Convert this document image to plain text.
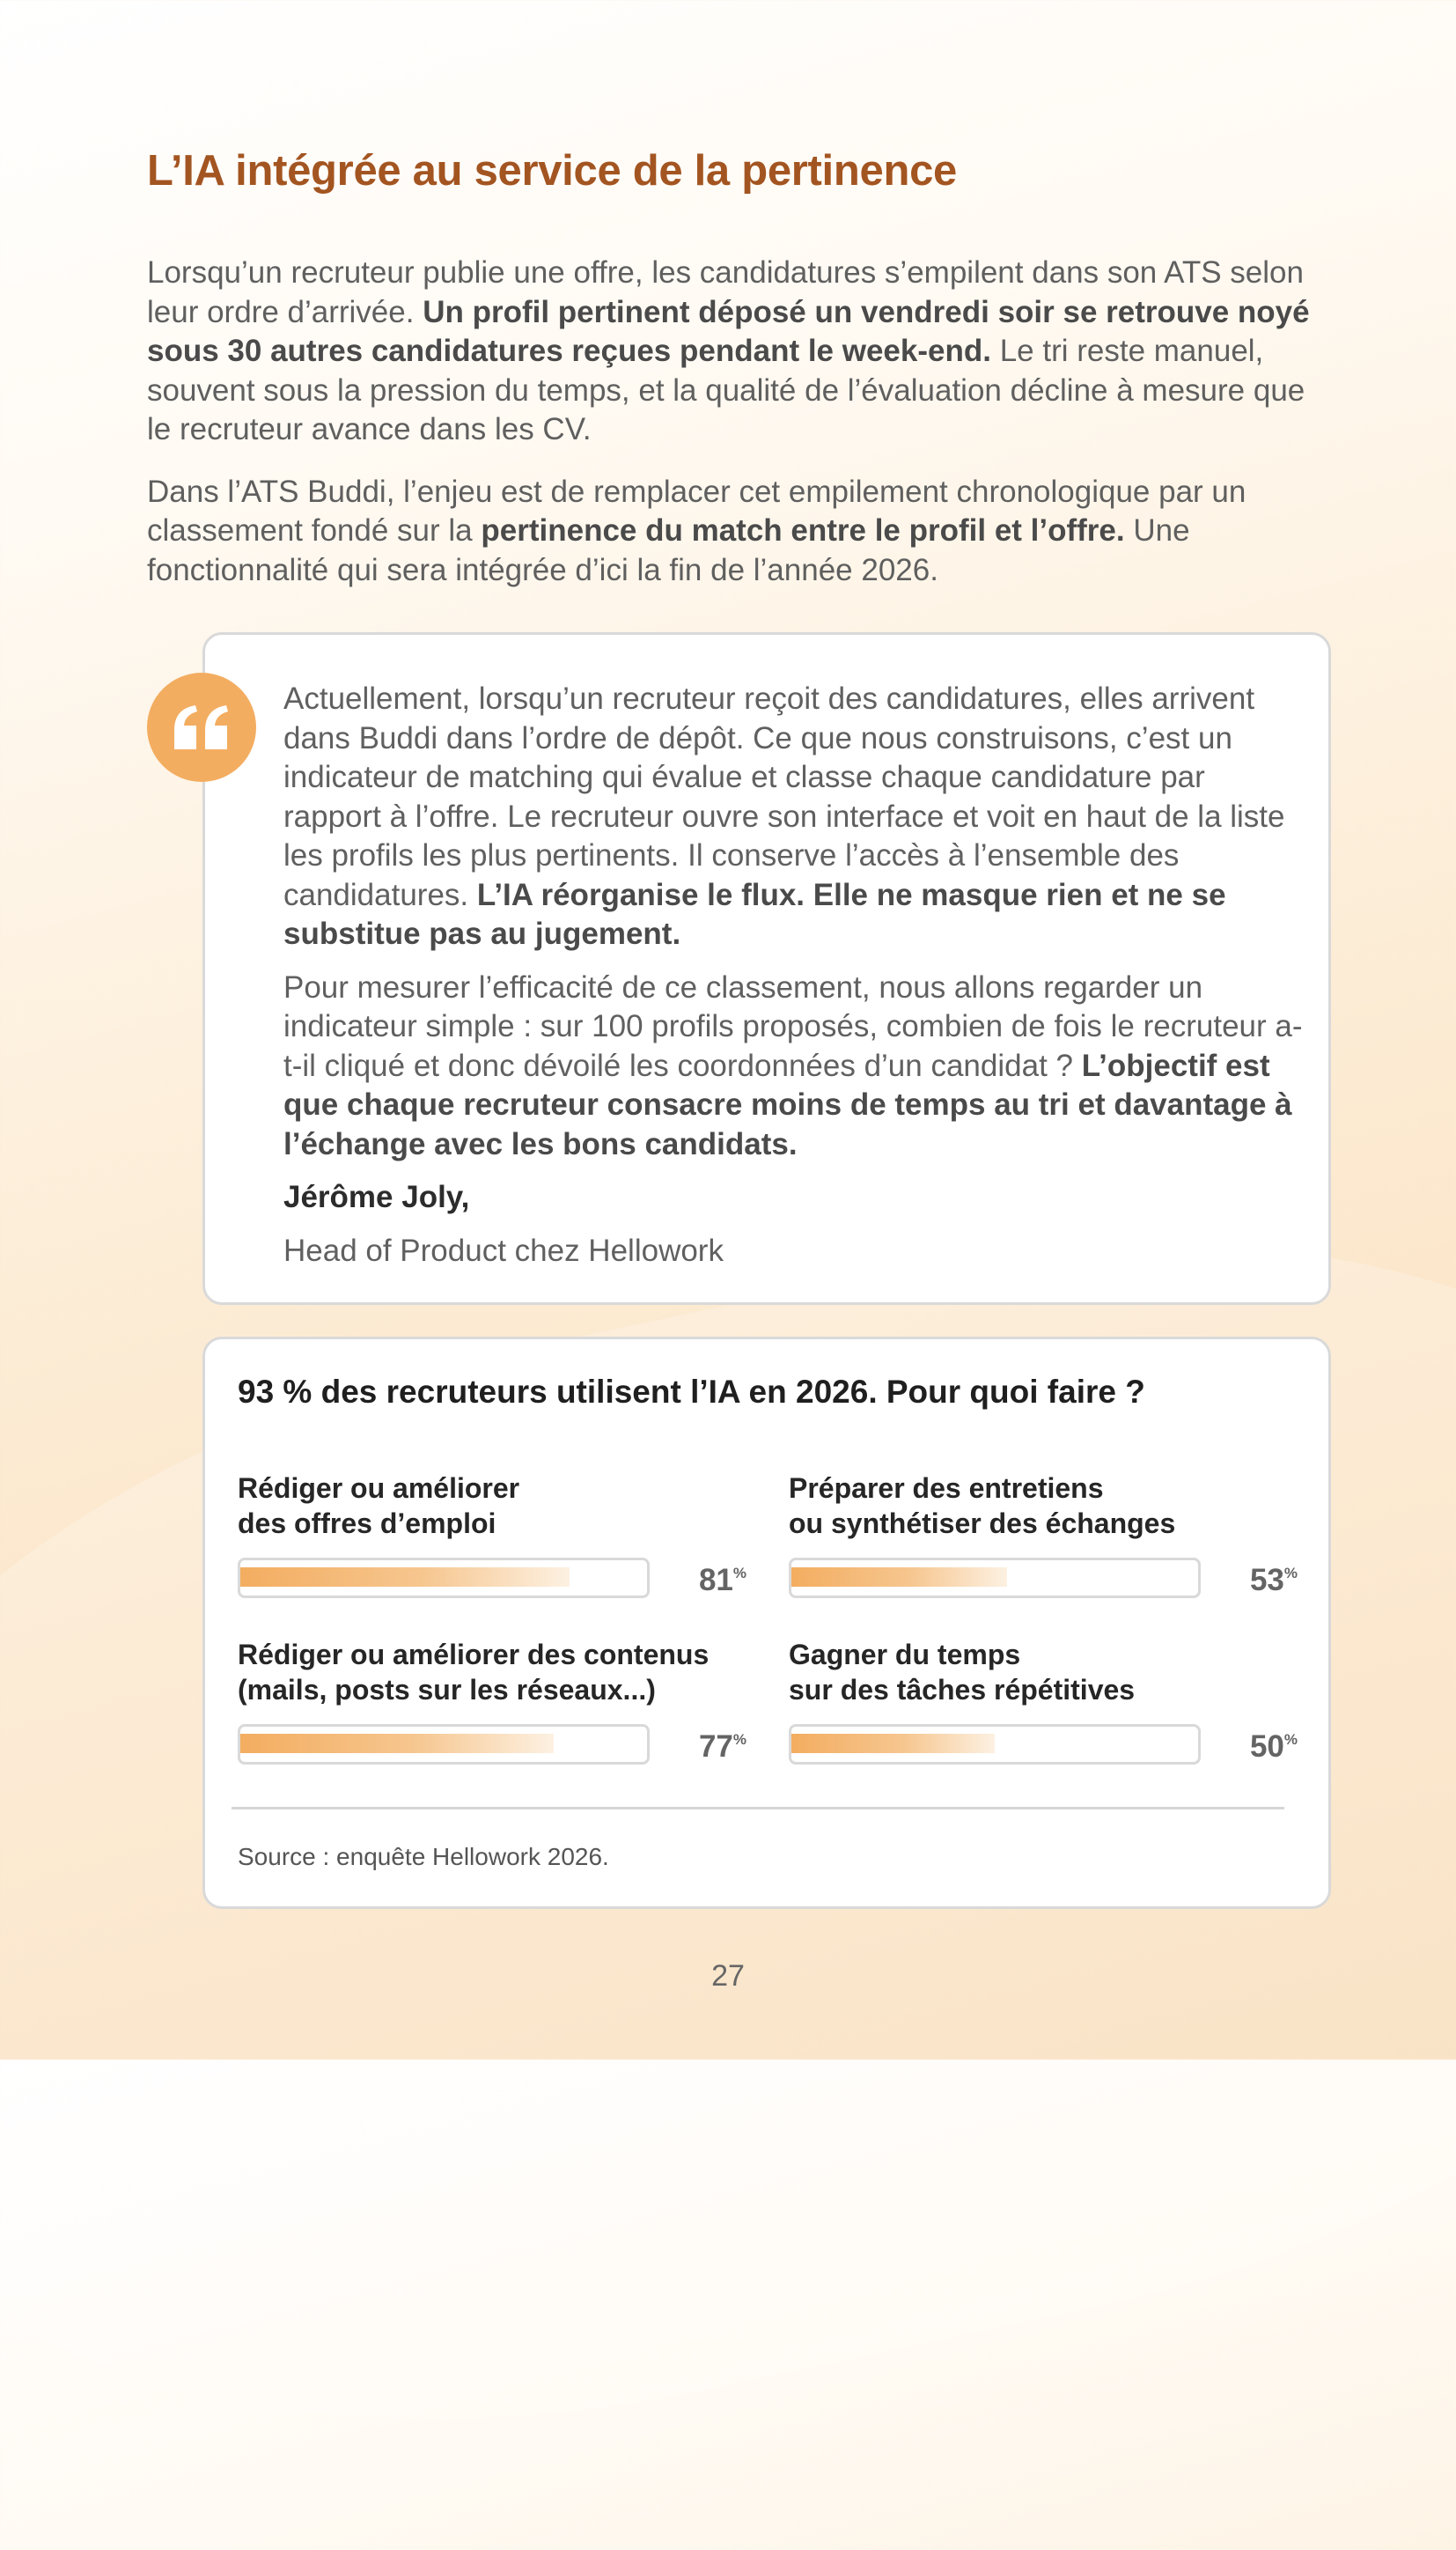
L’IA intégrée au service de la pertinence

Lorsqu’un recruteur publie une offre, les candidatures s’empilent dans son ATS selon leur ordre d’arrivée. Un profil pertinent déposé un vendredi soir se retrouve noyé sous 30 autres candidatures reçues pendant le week-end. Le tri reste manuel, souvent sous la pression du temps, et la qualité de l’évaluation décline à mesure que le recruteur avance dans les CV.

Dans l’ATS Buddi, l’enjeu est de remplacer cet empilement chronologique par un classement fondé sur la pertinence du match entre le profil et l’offre. Une fonctionnalité qui sera intégrée d’ici la fin de l’année 2026.

Actuellement, lorsqu’un recruteur reçoit des candidatures, elles arrivent dans Buddi dans l’ordre de dépôt. Ce que nous construisons, c’est un indicateur de matching qui évalue et classe chaque candidature par rapport à l’offre. Le recruteur ouvre son interface et voit en haut de la liste les profils les plus pertinents. Il conserve l’accès à l’ensemble des candidatures. L’IA réorganise le flux. Elle ne masque rien et ne se substitue pas au jugement.

Pour mesurer l’efficacité de ce classement, nous allons regarder un indicateur simple : sur 100 profils proposés, combien de fois le recruteur a-t-il cliqué et donc dévoilé les coordonnées d’un candidat ? L’objectif est que chaque recruteur consacre moins de temps au tri et davantage à l’échange avec les bons candidats.

Jérôme Joly,

Head of Product chez Hellowork

93 % des recruteurs utilisent l’IA en 2026. Pour quoi faire ?
Rédiger ou améliorer
des offres d’emploi
81%
Préparer des entretiens
ou synthétiser des échanges
53%
Rédiger ou améliorer des contenus
(mails, posts sur les réseaux...)
77%
Gagner du temps
sur des tâches répétitives
50%
Source : enquête Hellowork 2026.
27
